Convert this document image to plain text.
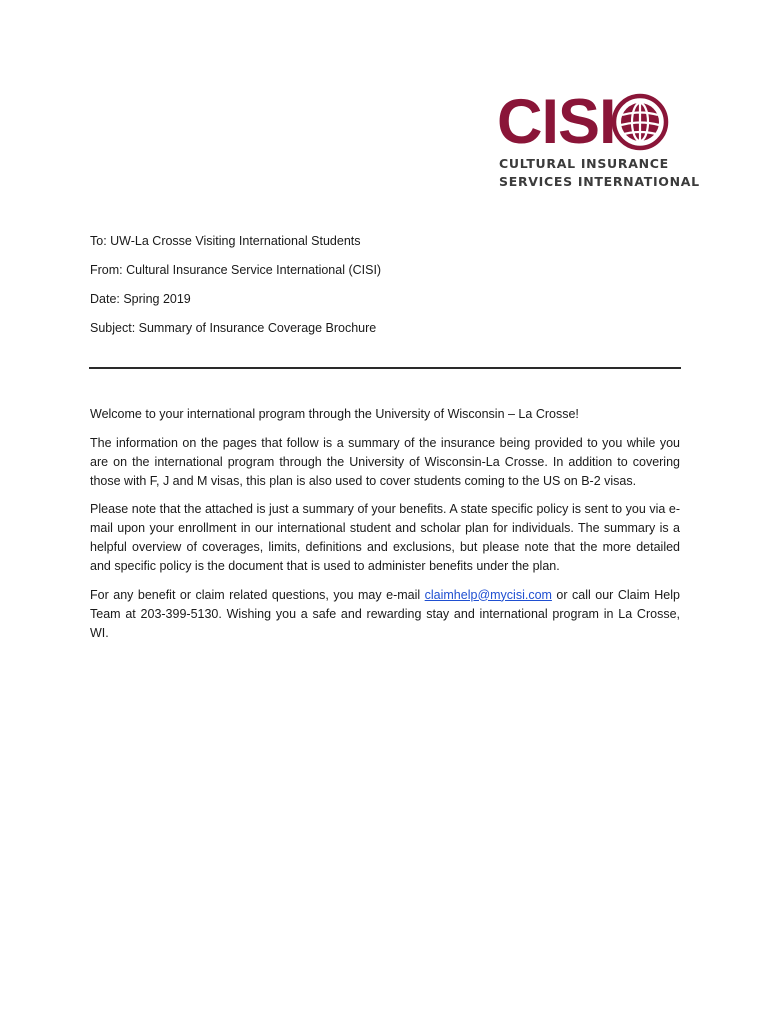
CISI
CULTURAL INSURANCE
SERVICES INTERNATIONAL
To: UW-La Crosse Visiting International Students
From: Cultural Insurance Service International (CISI)
Date: Spring 2019
Subject: Summary of Insurance Coverage Brochure

Welcome to your international program through the University of Wisconsin – La Crosse!

The information on the pages that follow is a summary of the insurance being provided to you while you are on the international program through the University of Wisconsin-La Crosse. In addition to covering those with F, J and M visas, this plan is also used to cover students coming to the US on B-2 visas.

Please note that the attached is just a summary of your benefits. A state specific policy is sent to you via e-mail upon your enrollment in our international student and scholar plan for individuals. The summary is a helpful overview of coverages, limits, definitions and exclusions, but please note that the more detailed and specific policy is the document that is used to administer benefits under the plan.

For any benefit or claim related questions, you may e-mail claimhelp@mycisi.com or call our Claim Help Team at 203-399-5130. Wishing you a safe and rewarding stay and international program in La Crosse, WI.
